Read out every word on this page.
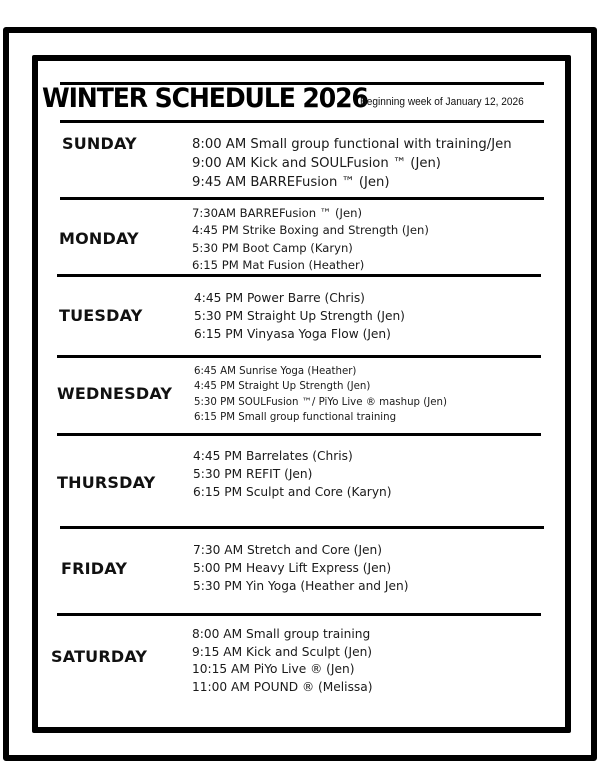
WINTER SCHEDULE 2026
Beginning week of January 12, 2026
SUNDAY	8:00 AM Small group functional with training/Jen
9:00 AM Kick and SOULFusion ™ (Jen)
9:45 AM BARREFusion ™ (Jen)
MONDAY
7:30AM BARREFusion ™ (Jen)
4:45 PM Strike Boxing and Strength (Jen)
5:30 PM Boot Camp (Karyn)
6:15 PM Mat Fusion (Heather)
TUESDAY
4:45 PM Power Barre (Chris)
5:30 PM Straight Up Strength (Jen)
6:15 PM Vinyasa Yoga Flow (Jen)
WEDNESDAY
6:45 AM Sunrise Yoga (Heather)
4:45 PM Straight Up Strength (Jen)
5:30 PM SOULFusion ™/ PiYo Live ® mashup (Jen)
6:15 PM Small group functional training
THURSDAY
4:45 PM Barrelates (Chris)
5:30 PM REFIT (Jen)
6:15 PM Sculpt and Core (Karyn)
FRIDAY
7:30 AM Stretch and Core (Jen)
5:00 PM Heavy Lift Express (Jen)
5:30 PM Yin Yoga (Heather and Jen)
SATURDAY
8:00 AM Small group training
9:15 AM Kick and Sculpt (Jen)
10:15 AM PiYo Live ® (Jen)
11:00 AM POUND ® (Melissa)
